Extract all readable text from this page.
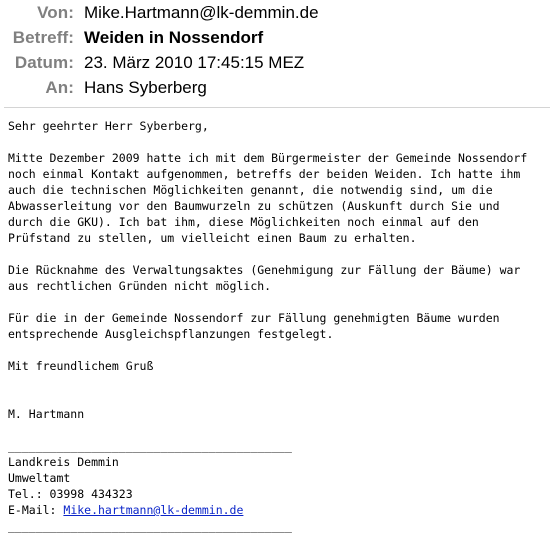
Von: Mike.Hartmann@lk-demmin.de
Betreff: Weiden in Nossendorf
Datum: 23. März 2010 17:45:15 MEZ
An: Hans Syberberg
Sehr geehrter Herr Syberberg,
Mitte Dezember 2009 hatte ich mit dem Bürgermeister der Gemeinde Nossendorf
noch einmal Kontakt aufgenommen, betreffs der beiden Weiden. Ich hatte ihm
auch die technischen Möglichkeiten genannt, die notwendig sind, um die
Abwasserleitung vor den Baumwurzeln zu schützen (Auskunft durch Sie und
durch die GKU). Ich bat ihm, diese Möglichkeiten noch einmal auf den
Prüfstand zu stellen, um vielleicht einen Baum zu erhalten.
Die Rücknahme des Verwaltungsaktes (Genehmigung zur Fällung der Bäume) war
aus rechtlichen Gründen nicht möglich.
Für die in der Gemeinde Nossendorf zur Fällung genehmigten Bäume wurden
entsprechende Ausgleichspflanzungen festgelegt.
Mit freundlichem Gruß
M. Hartmann
_________________________________________
Landkreis Demmin
Umweltamt
Tel.: 03998 434323
E-Mail: Mike.hartmann@lk-demmin.de
_________________________________________
